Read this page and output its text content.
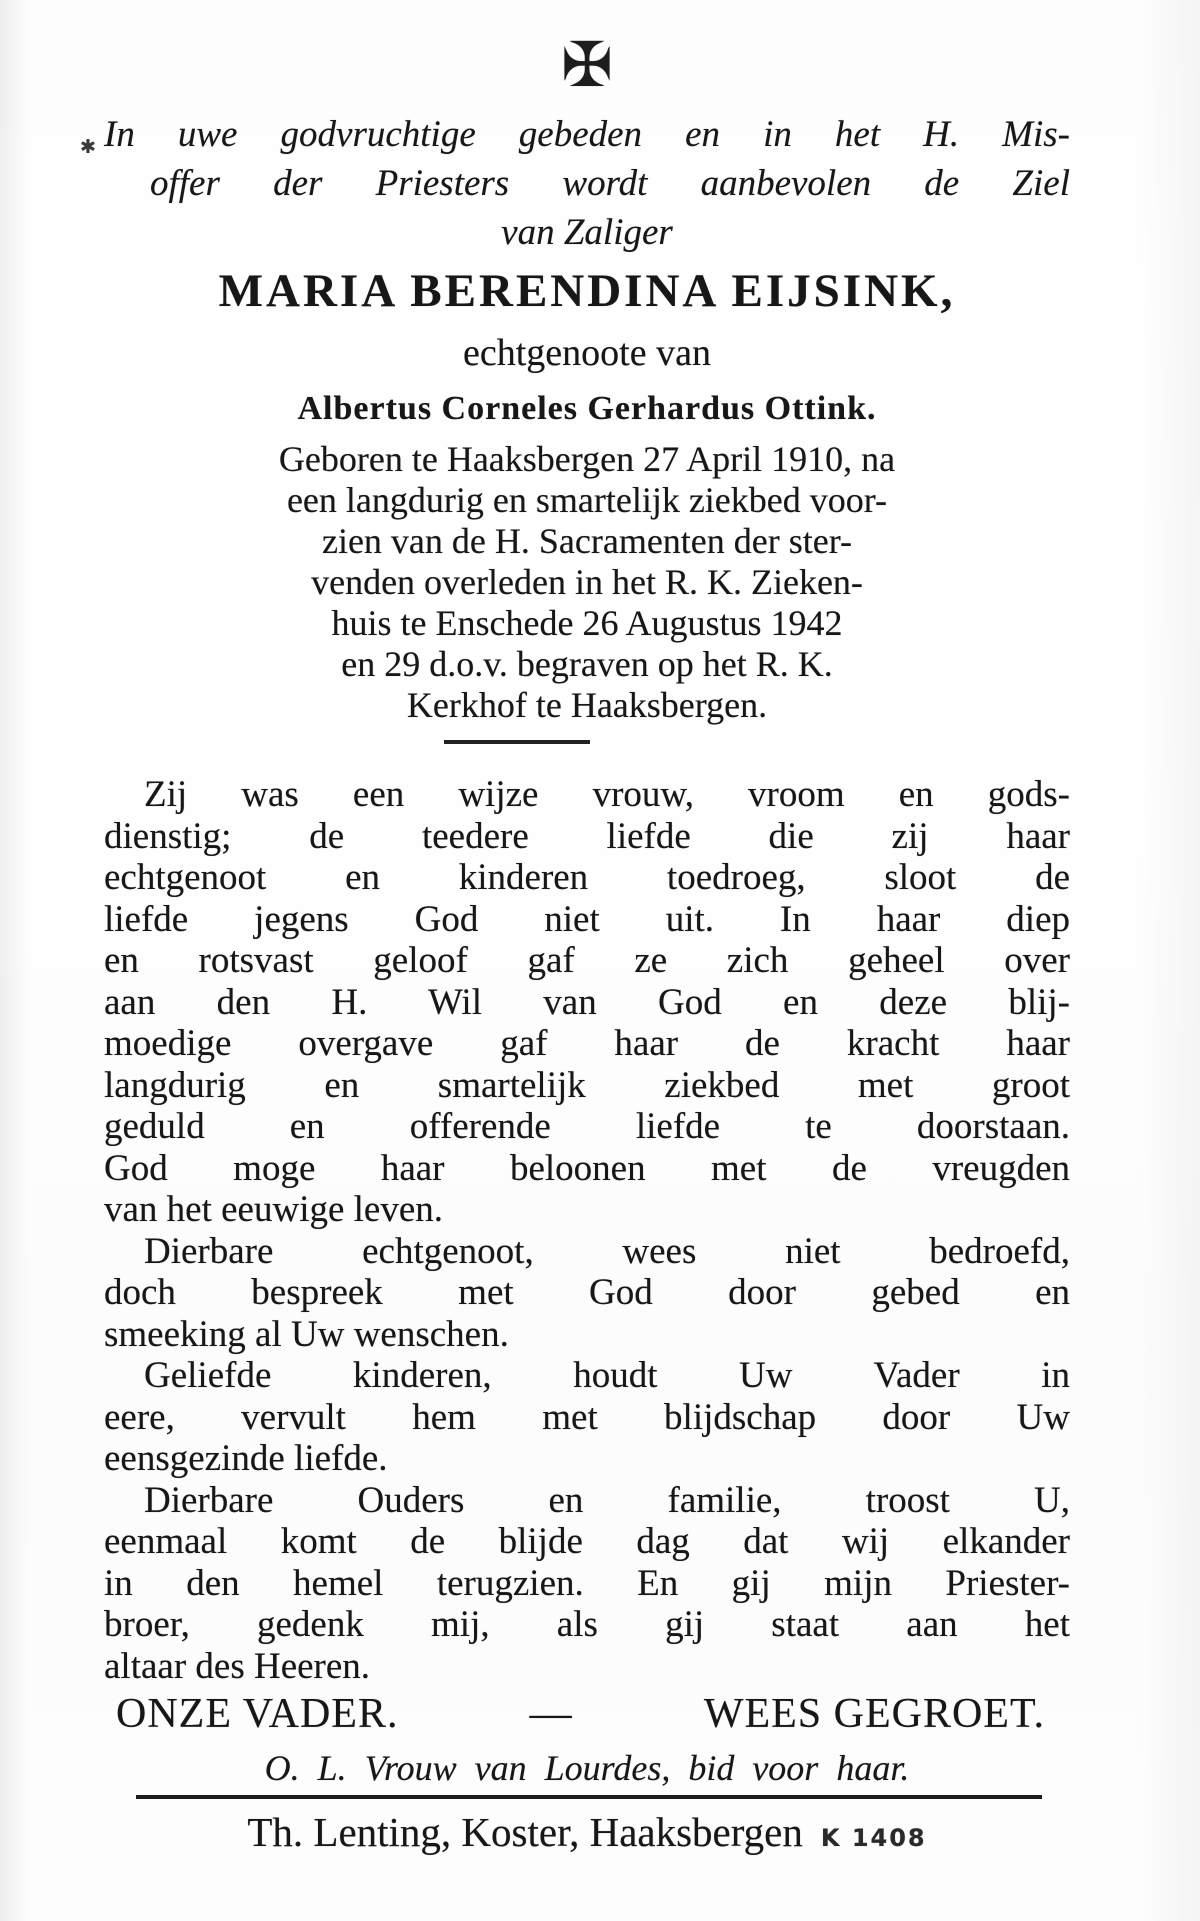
✠
✱ In uwe godvruchtige gebeden en in het H. Mis-
offer der Priesters wordt aanbevolen de Ziel
van Zaliger
MARIA BERENDINA EIJSINK,
echtgenoote van
Albertus Corneles Gerhardus Ottink.
Geboren te Haaksbergen 27 April 1910, na
een langdurig en smartelijk ziekbed voor-
zien van de H. Sacramenten der ster-
venden overleden in het R. K. Zieken-
huis te Enschede 26 Augustus 1942
en 29 d.o.v. begraven op het R. K.
Kerkhof te Haaksbergen.
Zij was een wijze vrouw, vroom en gods-
dienstig; de teedere liefde die zij haar
echtgenoot en kinderen toedroeg, sloot de
liefde jegens God niet uit. In haar diep
en rotsvast geloof gaf ze zich geheel over
aan den H. Wil van God en deze blij-
moedige overgave gaf haar de kracht haar
langdurig en smartelijk ziekbed met groot
geduld en offerende liefde te doorstaan.
God moge haar beloonen met de vreugden
van het eeuwige leven.
Dierbare echtgenoot, wees niet bedroefd,
doch bespreek met God door gebed en
smeeking al Uw wenschen.
Geliefde kinderen, houdt Uw Vader in
eere, vervult hem met blijdschap door Uw
eensgezinde liefde.
Dierbare Ouders en familie, troost U,
eenmaal komt de blijde dag dat wij elkander
in den hemel terugzien. En gij mijn Priester-
broer, gedenk mij, als gij staat aan het
altaar des Heeren.
ONZE VADER.	—	WEES GEGROET.
O. L. Vrouw van Lourdes, bid voor haar.
Th. Lenting, Koster, Haaksbergen K 1408
